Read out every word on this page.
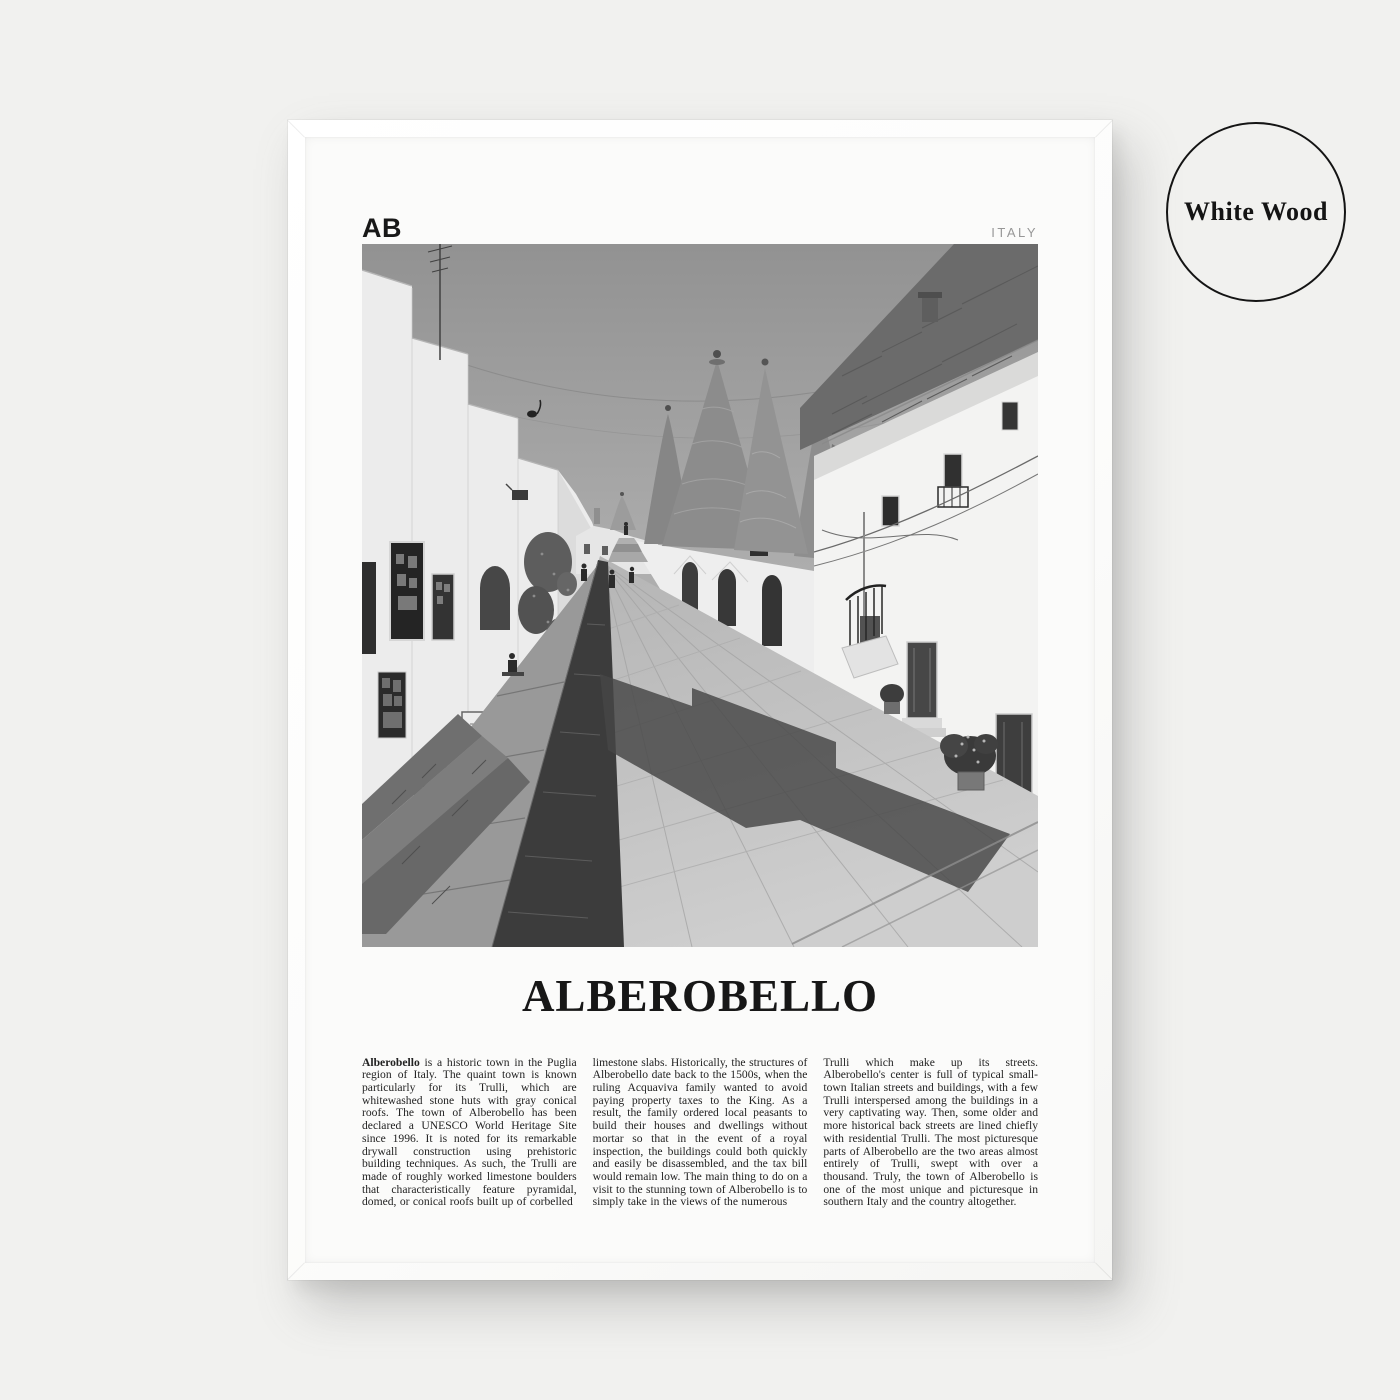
AB	ITALY
ALBEROBELLO

Alberobello is a historic town in the Puglia region of Italy. The quaint town is known particularly for its Trulli, which are whitewashed stone huts with gray conical roofs. The town of Alberobello has been declared a UNESCO World Heritage Site since 1996. It is noted for its remarkable drywall construction using prehistoric building techniques. As such, the Trulli are made of roughly worked limestone boulders that characteristically feature pyramidal, domed, or conical roofs built up of corbelled

limestone slabs. Historically, the structures of Alberobello date back to the 1500s, when the ruling Acquaviva family wanted to avoid paying property taxes to the King. As a result, the family ordered local peasants to build their houses and dwellings without mortar so that in the event of a royal inspection, the buildings could both quickly and easily be disassembled, and the tax bill would remain low. The main thing to do on a visit to the stunning town of Alberobello is to simply take in the views of the numerous

Trulli which make up its streets. Alberobello's center is full of typical small-town Italian streets and buildings, with a few Trulli interspersed among the buildings in a very captivating way. Then, some older and more historical back streets are lined chiefly with residential Trulli. The most picturesque parts of Alberobello are the two areas almost entirely of Trulli, swept with over a thousand. Truly, the town of Alberobello is one of the most unique and picturesque in southern Italy and the country altogether.

White Wood
